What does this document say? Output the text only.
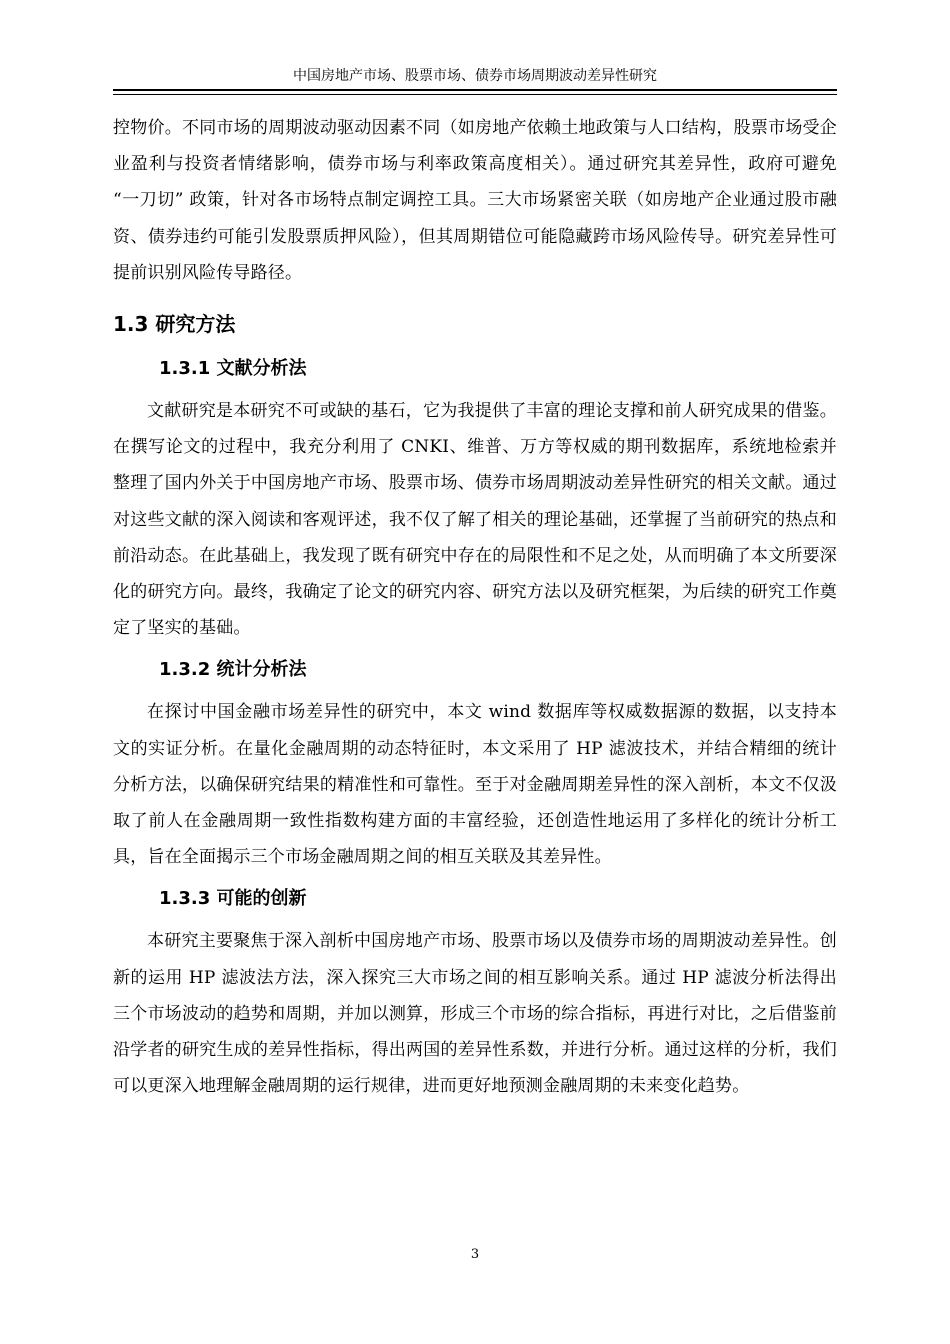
中国房地产市场、股票市场、债券市场周期波动差异性研究

控物价。不同市场的周期波动驱动因素不同（如房地产依赖土地政策与人口结构，股票市场受企业盈利与投资者情绪影响，债券市场与利率政策高度相关）。通过研究其差异性，政府可避免 “一刀切” 政策，针对各市场特点制定调控工具。三大市场紧密关联（如房地产企业通过股市融资、债券违约可能引发股票质押风险），但其周期错位可能隐藏跨市场风险传导。研究差异性可提前识别风险传导路径。

1.3 研究方法
1.3.1 文献分析法

文献研究是本研究不可或缺的基石，它为我提供了丰富的理论支撑和前人研究成果的借鉴。在撰写论文的过程中，我充分利用了 CNKI、维普、万方等权威的期刊数据库，系统地检索并整理了国内外关于中国房地产市场、股票市场、债券市场周期波动差异性研究的相关文献。通过对这些文献的深入阅读和客观评述，我不仅了解了相关的理论基础，还掌握了当前研究的热点和前沿动态。在此基础上，我发现了既有研究中存在的局限性和不足之处，从而明确了本文所要深化的研究方向。最终，我确定了论文的研究内容、研究方法以及研究框架，为后续的研究工作奠定了坚实的基础。

1.3.2 统计分析法

在探讨中国金融市场差异性的研究中，本文 wind 数据库等权威数据源的数据，以支持本文的实证分析。在量化金融周期的动态特征时，本文采用了 HP 滤波技术，并结合精细的统计分析方法，以确保研究结果的精准性和可靠性。至于对金融周期差异性的深入剖析，本文不仅汲取了前人在金融周期一致性指数构建方面的丰富经验，还创造性地运用了多样化的统计分析工具，旨在全面揭示三个市场金融周期之间的相互关联及其差异性。

1.3.3 可能的创新

本研究主要聚焦于深入剖析中国房地产市场、股票市场以及债券市场的周期波动差异性。创新的运用 HP 滤波法方法，深入探究三大市场之间的相互影响关系。通过 HP 滤波分析法得出三个市场波动的趋势和周期，并加以测算，形成三个市场的综合指标，再进行对比，之后借鉴前沿学者的研究生成的差异性指标，得出两国的差异性系数，并进行分析。通过这样的分析，我们可以更深入地理解金融周期的运行规律，进而更好地预测金融周期的未来变化趋势。

3
